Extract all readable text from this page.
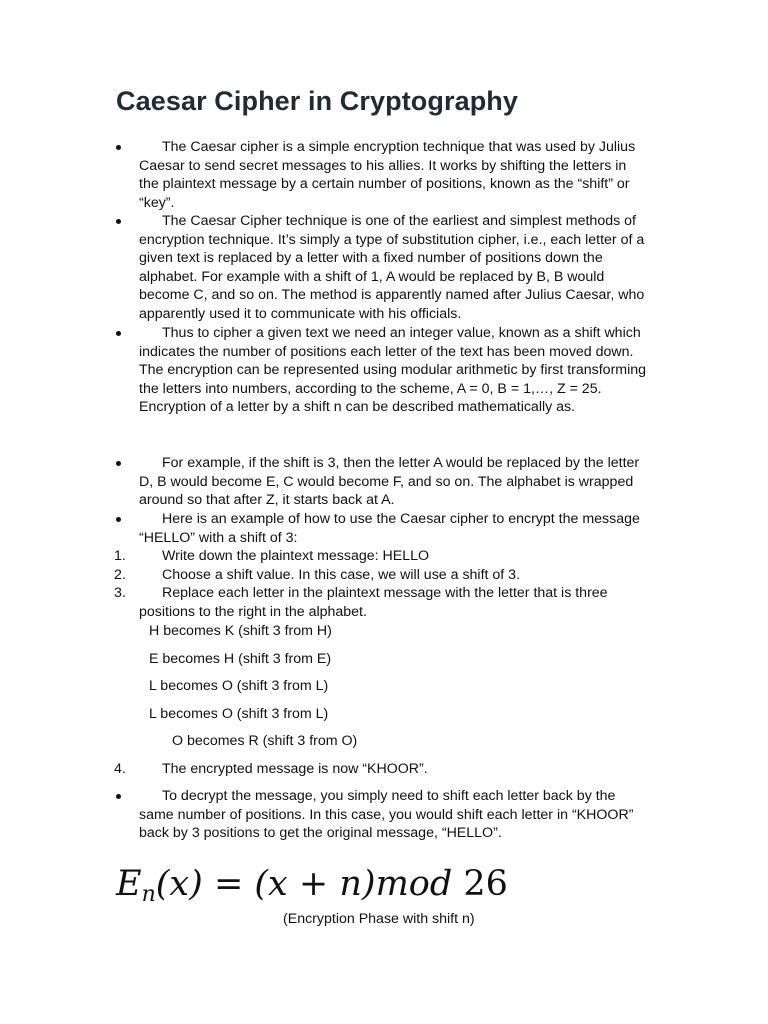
Caesar Cipher in Cryptography
The Caesar cipher is a simple encryption technique that was used by Julius Caesar to send secret messages to his allies. It works by shifting the letters in the plaintext message by a certain number of positions, known as the “shift” or “key”.
The Caesar Cipher technique is one of the earliest and simplest methods of encryption technique. It’s simply a type of substitution cipher, i.e., each letter of a given text is replaced by a letter with a fixed number of positions down the alphabet. For example with a shift of 1, A would be replaced by B, B would become C, and so on. The method is apparently named after Julius Caesar, who apparently used it to communicate with his officials.
Thus to cipher a given text we need an integer value, known as a shift which indicates the number of positions each letter of the text has been moved down.
The encryption can be represented using modular arithmetic by first transforming the letters into numbers, according to the scheme, A = 0, B = 1,…, Z = 25. Encryption of a letter by a shift n can be described mathematically as.
For example, if the shift is 3, then the letter A would be replaced by the letter D, B would become E, C would become F, and so on. The alphabet is wrapped around so that after Z, it starts back at A.
Here is an example of how to use the Caesar cipher to encrypt the message “HELLO” with a shift of 3:
1.	Write down the plaintext message: HELLO
2.	Choose a shift value. In this case, we will use a shift of 3.
3.	Replace each letter in the plaintext message with the letter that is three positions to the right in the alphabet.
H becomes K (shift 3 from H)
E becomes H (shift 3 from E)
L becomes O (shift 3 from L)
L becomes O (shift 3 from L)
O becomes R (shift 3 from O)
4.	The encrypted message is now “KHOOR”.
To decrypt the message, you simply need to shift each letter back by the same number of positions. In this case, you would shift each letter in “KHOOR” back by 3 positions to get the original message, “HELLO”.
En(x) = (x + n)mod 26
(Encryption Phase with shift n)
